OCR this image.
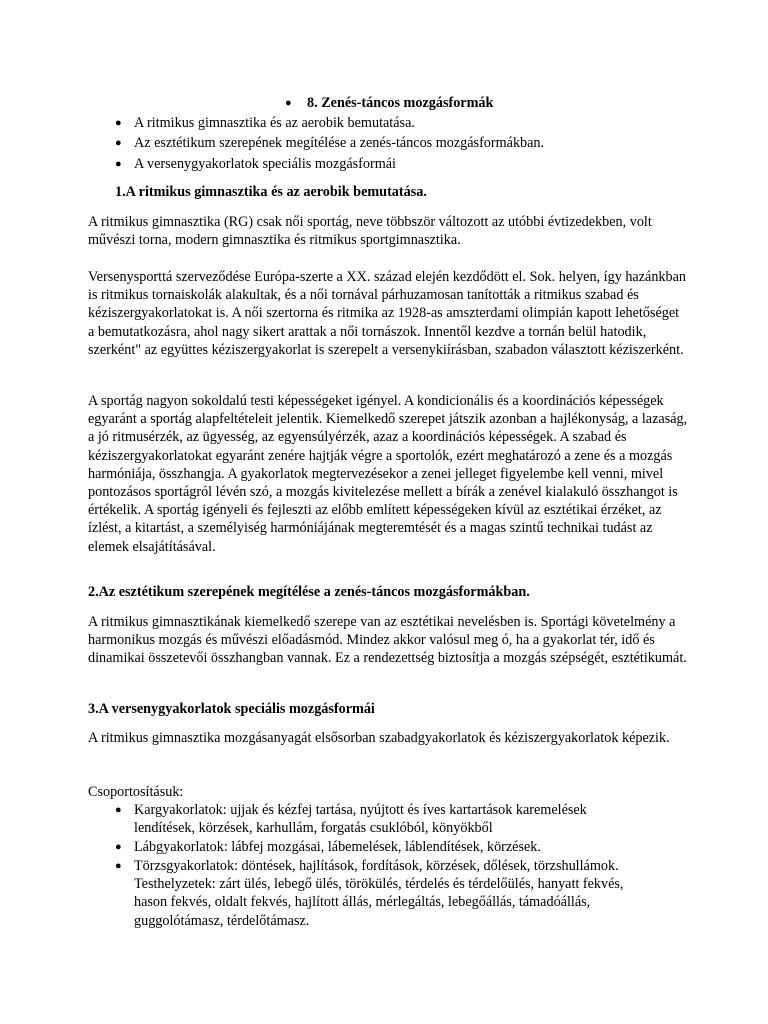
●	8. Zenés-táncos mozgásformák
● A ritmikus gimnasztika és az aerobik bemutatása.
● Az esztétikum szerepének megítélése a zenés-táncos mozgásformákban.
● A versenygyakorlatok speciális mozgásformái
1.A ritmikus gimnasztika és az aerobik bemutatása.

A ritmikus gimnasztika (RG) csak női sportág, neve többször változott az utóbbi évtizedekben, volt művészi torna, modern gimnasztika és ritmikus sportgimnasztika.

Versenysporttá szerveződése Európa-szerte a XX. század elején kezdődött el. Sok. helyen, így hazánkban is ritmikus tornaiskolák alakultak, és a női tornával párhuzamosan tanították a ritmikus szabad és kéziszergyakorlatokat is. A női szertorna és ritmika az 1928-as amszterdami olimpián kapott lehetőséget a bemutatkozásra, ahol nagy sikert arattak a női tornászok. Innentől kezdve a tornán belül hatodik, szerként" az együttes kéziszergyakorlat is szerepelt a versenykiírásban, szabadon választott kéziszerként.

A sportág nagyon sokoldalú testi képességeket igényel. A kondicionális és a koordinációs képességek egyaránt a sportág alapfeltételeit jelentik. Kiemelkedő szerepet játszik azonban a hajlékonyság, a lazaság, a jó ritmusérzék, az ügyesség, az egyensúlyérzék, azaz a koordinációs képességek. A szabad és kéziszergyakorlatokat egyaránt zenére hajtják végre a sportolók, ezért meghatározó a zene és a mozgás harmóniája, összhangja. A gyakorlatok megtervezésekor a zenei jelleget figyelembe kell venni, mivel pontozásos sportágról lévén szó, a mozgás kivitelezése mellett a bírák a zenével kialakuló összhangot is értékelik. A sportág igényeli és fejleszti az előbb említett képességeken kívül az esztétikai érzéket, az ízlést, a kitartást, a személyiség harmóniájának megteremtését és a magas szintű technikai tudást az elemek elsajátításával.

2.Az esztétikum szerepének megítélése a zenés-táncos mozgásformákban.

A ritmikus gimnasztikának kiemelkedő szerepe van az esztétikai nevelésben is. Sportági követelmény a harmonikus mozgás és művészi előadásmód. Mindez akkor valósul meg ó, ha a gyakorlat tér, idő és dinamikai összetevői összhangban vannak. Ez a rendezettség biztosítja a mozgás szépségét, esztétikumát.

3.A versenygyakorlatok speciális mozgásformái

A ritmikus gimnasztika mozgásanyagát elsősorban szabadgyakorlatok és kéziszergyakorlatok képezik.

Csoportosításuk:
● Kargyakorlatok: ujjak és kézfej tartása, nyújtott és íves kartartások karemelések lendítések, körzések, karhullám, forgatás csuklóból, könyökből
● Lábgyakorlatok: lábfej mozgásai, lábemelések, láblendítések, körzések.
● Törzsgyakorlatok: döntések, hajlítások, fordítások, körzések, dőlések, törzshullámok. Testhelyzetek: zárt ülés, lebegő ülés, törökülés, térdelés és térdelőülés, hanyatt fekvés, hason fekvés, oldalt fekvés, hajlított állás, mérlegáltás, lebegőállás, támadóállás, guggolótámasz, térdelőtámasz.
